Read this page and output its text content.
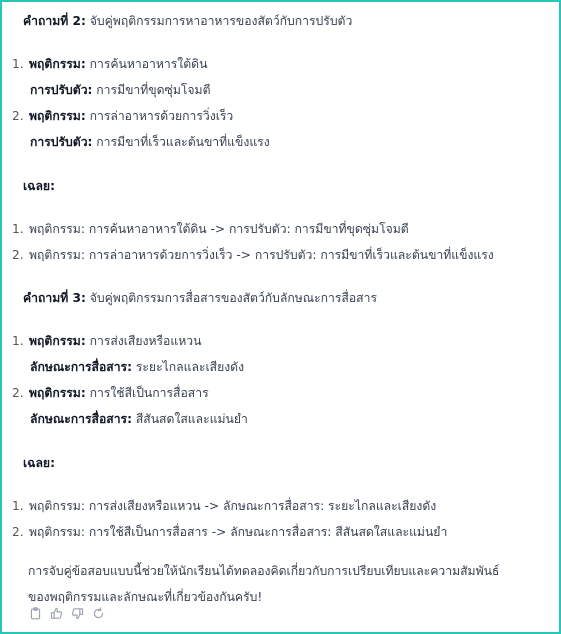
คำถามที่ 2: จับคู่พฤติกรรมการหาอาหารของสัตว์กับการปรับตัว
1. พฤติกรรม: การค้นหาอาหารใต้ดิน
การปรับตัว: การมีขาที่ขุดซุ่มโจมตี
2. พฤติกรรม: การล่าอาหารด้วยการวิ่งเร็ว
การปรับตัว: การมีขาที่เร็วและต้นขาที่แข็งแรง
เฉลย:
1. พฤติกรรม: การค้นหาอาหารใต้ดิน -> การปรับตัว: การมีขาที่ขุดซุ่มโจมตี
2. พฤติกรรม: การล่าอาหารด้วยการวิ่งเร็ว -> การปรับตัว: การมีขาที่เร็วและต้นขาที่แข็งแรง
คำถามที่ 3: จับคู่พฤติกรรมการสื่อสารของสัตว์กับลักษณะการสื่อสาร
1. พฤติกรรม: การส่งเสียงหรือแหวน
ลักษณะการสื่อสาร: ระยะไกลและเสียงดัง
2. พฤติกรรม: การใช้สีเป็นการสื่อสาร
ลักษณะการสื่อสาร: สีสันสดใสและแม่นยำ
เฉลย:
1. พฤติกรรม: การส่งเสียงหรือแหวน -> ลักษณะการสื่อสาร: ระยะไกลและเสียงดัง
2. พฤติกรรม: การใช้สีเป็นการสื่อสาร -> ลักษณะการสื่อสาร: สีสันสดใสและแม่นยำ
การจับคู่ข้อสอบแบบนี้ช่วยให้นักเรียนได้ทดลองคิดเกี่ยวกับการเปรียบเทียบและความสัมพันธ์
ของพฤติกรรมและลักษณะที่เกี่ยวข้องกันครับ!
